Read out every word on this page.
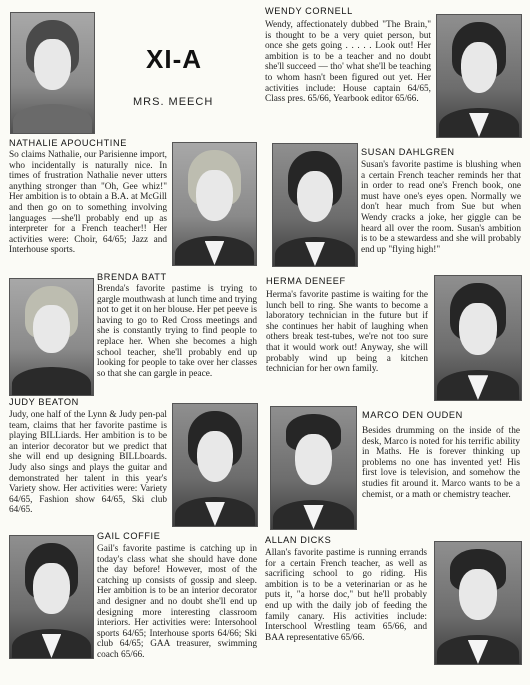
XI-A
MRS. MEECH
WENDY CORNELL

Wendy, affectionately dubbed "The Brain," is thought to be a very quiet person, but once she gets going . . . . . Look out! Her ambition is to be a teacher and no doubt she'll succeed — tho' what she'll be teaching to whom hasn't been figured out yet. Her activities include: House captain 64/65, Class pres. 65/66, Yearbook editor 65/66.

NATHALIE APOUCHTINE

So claims Nathalie, our Parisienne import, who incidentally is naturally nice. In times of frustration Nathalie never utters anything stronger than "Oh, Gee whiz!" Her ambition is to obtain a B.A. at McGill and then go on to something involving languages —she'll probably end up as interpreter for a French teacher!! Her activities were: Choir, 64/65; Jazz and Interhouse sports.

SUSAN DAHLGREN

Susan's favorite pastime is blushing when a certain French teacher reminds her that in order to read one's French book, one must have one's eyes open. Normally we don't hear much from Sue but when Wendy cracks a joke, her giggle can be heard all over the room. Susan's ambition is to be a stewardess and she will probably end up "flying high!"

BRENDA BATT

Brenda's favorite pastime is trying to gargle mouthwash at lunch time and trying not to get it on her blouse. Her pet peeve is having to go to Red Cross meetings and she is constantly trying to find people to replace her. When she becomes a high school teacher, she'll probably end up looking for people to take over her classes so that she can gargle in peace.

HERMA DENEEF

Herma's favorite pastime is waiting for the lunch bell to ring. She wants to become a laboratory technician in the future but if she continues her habit of laughing when others break test-tubes, we're not too sure that it would work out! Anyway, she will probably wind up being a kitchen technician for her own family.

JUDY BEATON

Judy, one half of the Lynn & Judy pen-pal team, claims that her favorite pastime is playing BILLiards. Her ambition is to be an interior decorator but we predict that she will end up designing BILLboards. Judy also sings and plays the guitar and demonstrated her talent in this year's Variety show. Her activities were: Variety 64/65, Fashion show 64/65, Ski club 64/65.

MARCO DEN OUDEN

Besides drumming on the inside of the desk, Marco is noted for his terrific ability in Maths. He is forever thinking up problems no one has invented yet! His first love is television, and somehow the studies fit around it. Marco wants to be a chemist, or a math or chemistry teacher.

GAIL COFFIE

Gail's favorite pastime is catching up in today's class what she should have done the day before! However, most of the catching up consists of gossip and sleep. Her ambition is to be an interior decorator and designer and no doubt she'll end up designing more interesting classroom interiors. Her activities were: Intersohool sports 64/65; Interhouse sports 64/66; Ski club 64/65; GAA treasurer, swimming coach 65/66.

ALLAN DICKS

Allan's favorite pastime is running errands for a certain French teacher, as well as sacrificing school to go riding. His ambition is to be a veterinarian or as he puts it, "a horse doc," but he'll probably end up with the daily job of feeding the family canary. His activities include: Interschool Wrestling team 65/66, and BAA representative 65/66.
